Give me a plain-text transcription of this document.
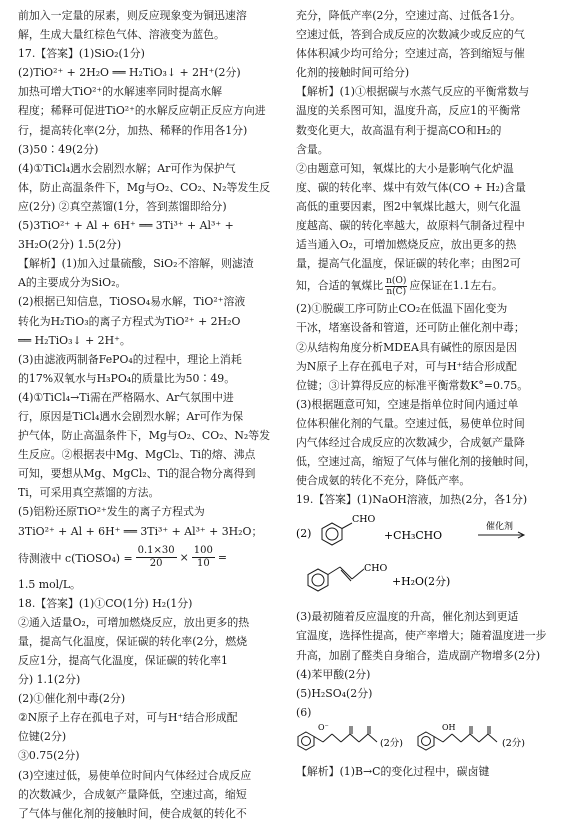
前加入一定量的尿素，则反应现象变为铜迅速溶
解，生成大量红棕色气体、溶液变为蓝色。
17.【答案】(1)SiO₂(1分)
(2)TiO²⁺ + 2H₂O ══ H₂TiO₃↓ + 2H⁺(2分)
加热可增大TiO²⁺的水解速率同时提高水解
程度；稀释可促进TiO²⁺的水解反应朝正反应方向进
行，提高转化率(2分，加热、稀释的作用各1分)
(3)50∶49(2分)
(4)①TiCl₄遇水会剧烈水解；Ar可作为保护气
体，防止高温条件下，Mg与O₂、CO₂、N₂等发生反
应(2分) ②真空蒸馏(1分，答到蒸馏即给分)
(5)3TiO²⁺ + Al + 6H⁺ ══ 3Ti³⁺ + Al³⁺ +
3H₂O(2分) 1.5(2分)
【解析】(1)加入过量硫酸，SiO₂不溶解，则滤渣
A的主要成分为SiO₂。
(2)根据已知信息，TiOSO₄易水解，TiO²⁺溶液
转化为H₂TiO₃的离子方程式为TiO²⁺ + 2H₂O
══ H₂TiO₃↓ + 2H⁺。
(3)由滤液两制备FePO₄的过程中，理论上消耗
的17%双氧水与H₃PO₄的质量比为50∶49。
(4)①TiCl₄→Ti需在严格隔水、Ar气氛围中进
行，原因是TiCl₄遇水会剧烈水解；Ar可作为保
护气体，防止高温条件下，Mg与O₂、CO₂、N₂等发
生反应。②根据表中Mg、MgCl₂、Ti的熔、沸点
可知，要想从Mg、MgCl₂、Ti的混合物分离得到
Ti，可采用真空蒸馏的方法。
(5)铝粉还原TiO²⁺发生的离子方程式为
3TiO²⁺ + Al + 6H⁺ ══ 3Ti³⁺ + Al³⁺ + 3H₂O；
待测液中 c(TiOSO₄) = $\frac{0.1\times 30}{20} \times \frac{100}{10}$ =
1.5 mol/L。
18.【答案】(1)①CO(1分) H₂(1分)
②通入适量O₂，可增加燃烧反应，放出更多的热
量，提高气化温度，保证碳的转化率(2分，燃烧
反应1分，提高气化温度，保证碳的转化率1
分) 1.1(2分)
(2)①催化剂中毒(2分)
②N原子上存在孤电子对，可与H⁺结合形成配
位键(2分)
③0.75(2分)
(3)空速过低，易使单位时间内气体经过合成反应
的次数减少，合成氨产量降低，空速过高，缩短
了气体与催化剂的接触时间，使合成氨的转化不
充分，降低产率(2分，空速过高、过低各1分。
空速过低，答到合成反应的次数减少或反应的气
体体积减少均可给分；空速过高，答到缩短与催
化剂的接触时间可给分)
【解析】(1)①根据碳与水蒸气反应的平衡常数与
温度的关系图可知，温度升高，反应1的平衡常
数变化更大，故高温有利于提高CO和H₂的
含量。
②由题意可知，氧煤比的大小是影响气化炉温
度、碳的转化率、煤中有效气体(CO + H₂)含量
高低的重要因素，图2中氧煤比越大，则气化温
度越高、碳的转化率越大，故原料气制备过程中
适当通入O₂，可增加燃烧反应，放出更多的热
量，提高气化温度，保证碳的转化率；由图2可
知，合适的氧煤比 $\frac{n(O)}{n(C)}$ 应保证在1.1左右。
(2)①脱碳工序可防止CO₂在低温下固化变为
干冰，堵塞设备和管道，还可防止催化剂中毒；
②从结构角度分析MDEA具有碱性的原因是因
为N原子上存在孤电子对，可与H⁺结合形成配
位键；③计算得反应的标准平衡常数K°=0.75。
(3)根据题意可知，空速是指单位时间内通过单
位体积催化剂的气量。空速过低，易使单位时间
内气体经过合成反应的次数减少，合成氨产量降
低，空速过高，缩短了气体与催化剂的接触时间，
使合成氨的转化不充分，降低产率。
19.【答案】(1)NaOH溶液，加热(2分，各1分)
(2)
CHO
+CH₃CHO
催化剂
CHO
+H₂O(2分)
(3)最初随着反应温度的升高，催化剂达到更适
宜温度，选择性提高，使产率增大；随着温度进一步
升高，加剧了醛类自身缩合，造成副产物增多(2分)
(4)苯甲酸(2分)
(5)H₂SO₄(2分)
(6)
O⁻
(2分)
OH
(2分)
【解析】(1)B→C的变化过程中，碳卤键
